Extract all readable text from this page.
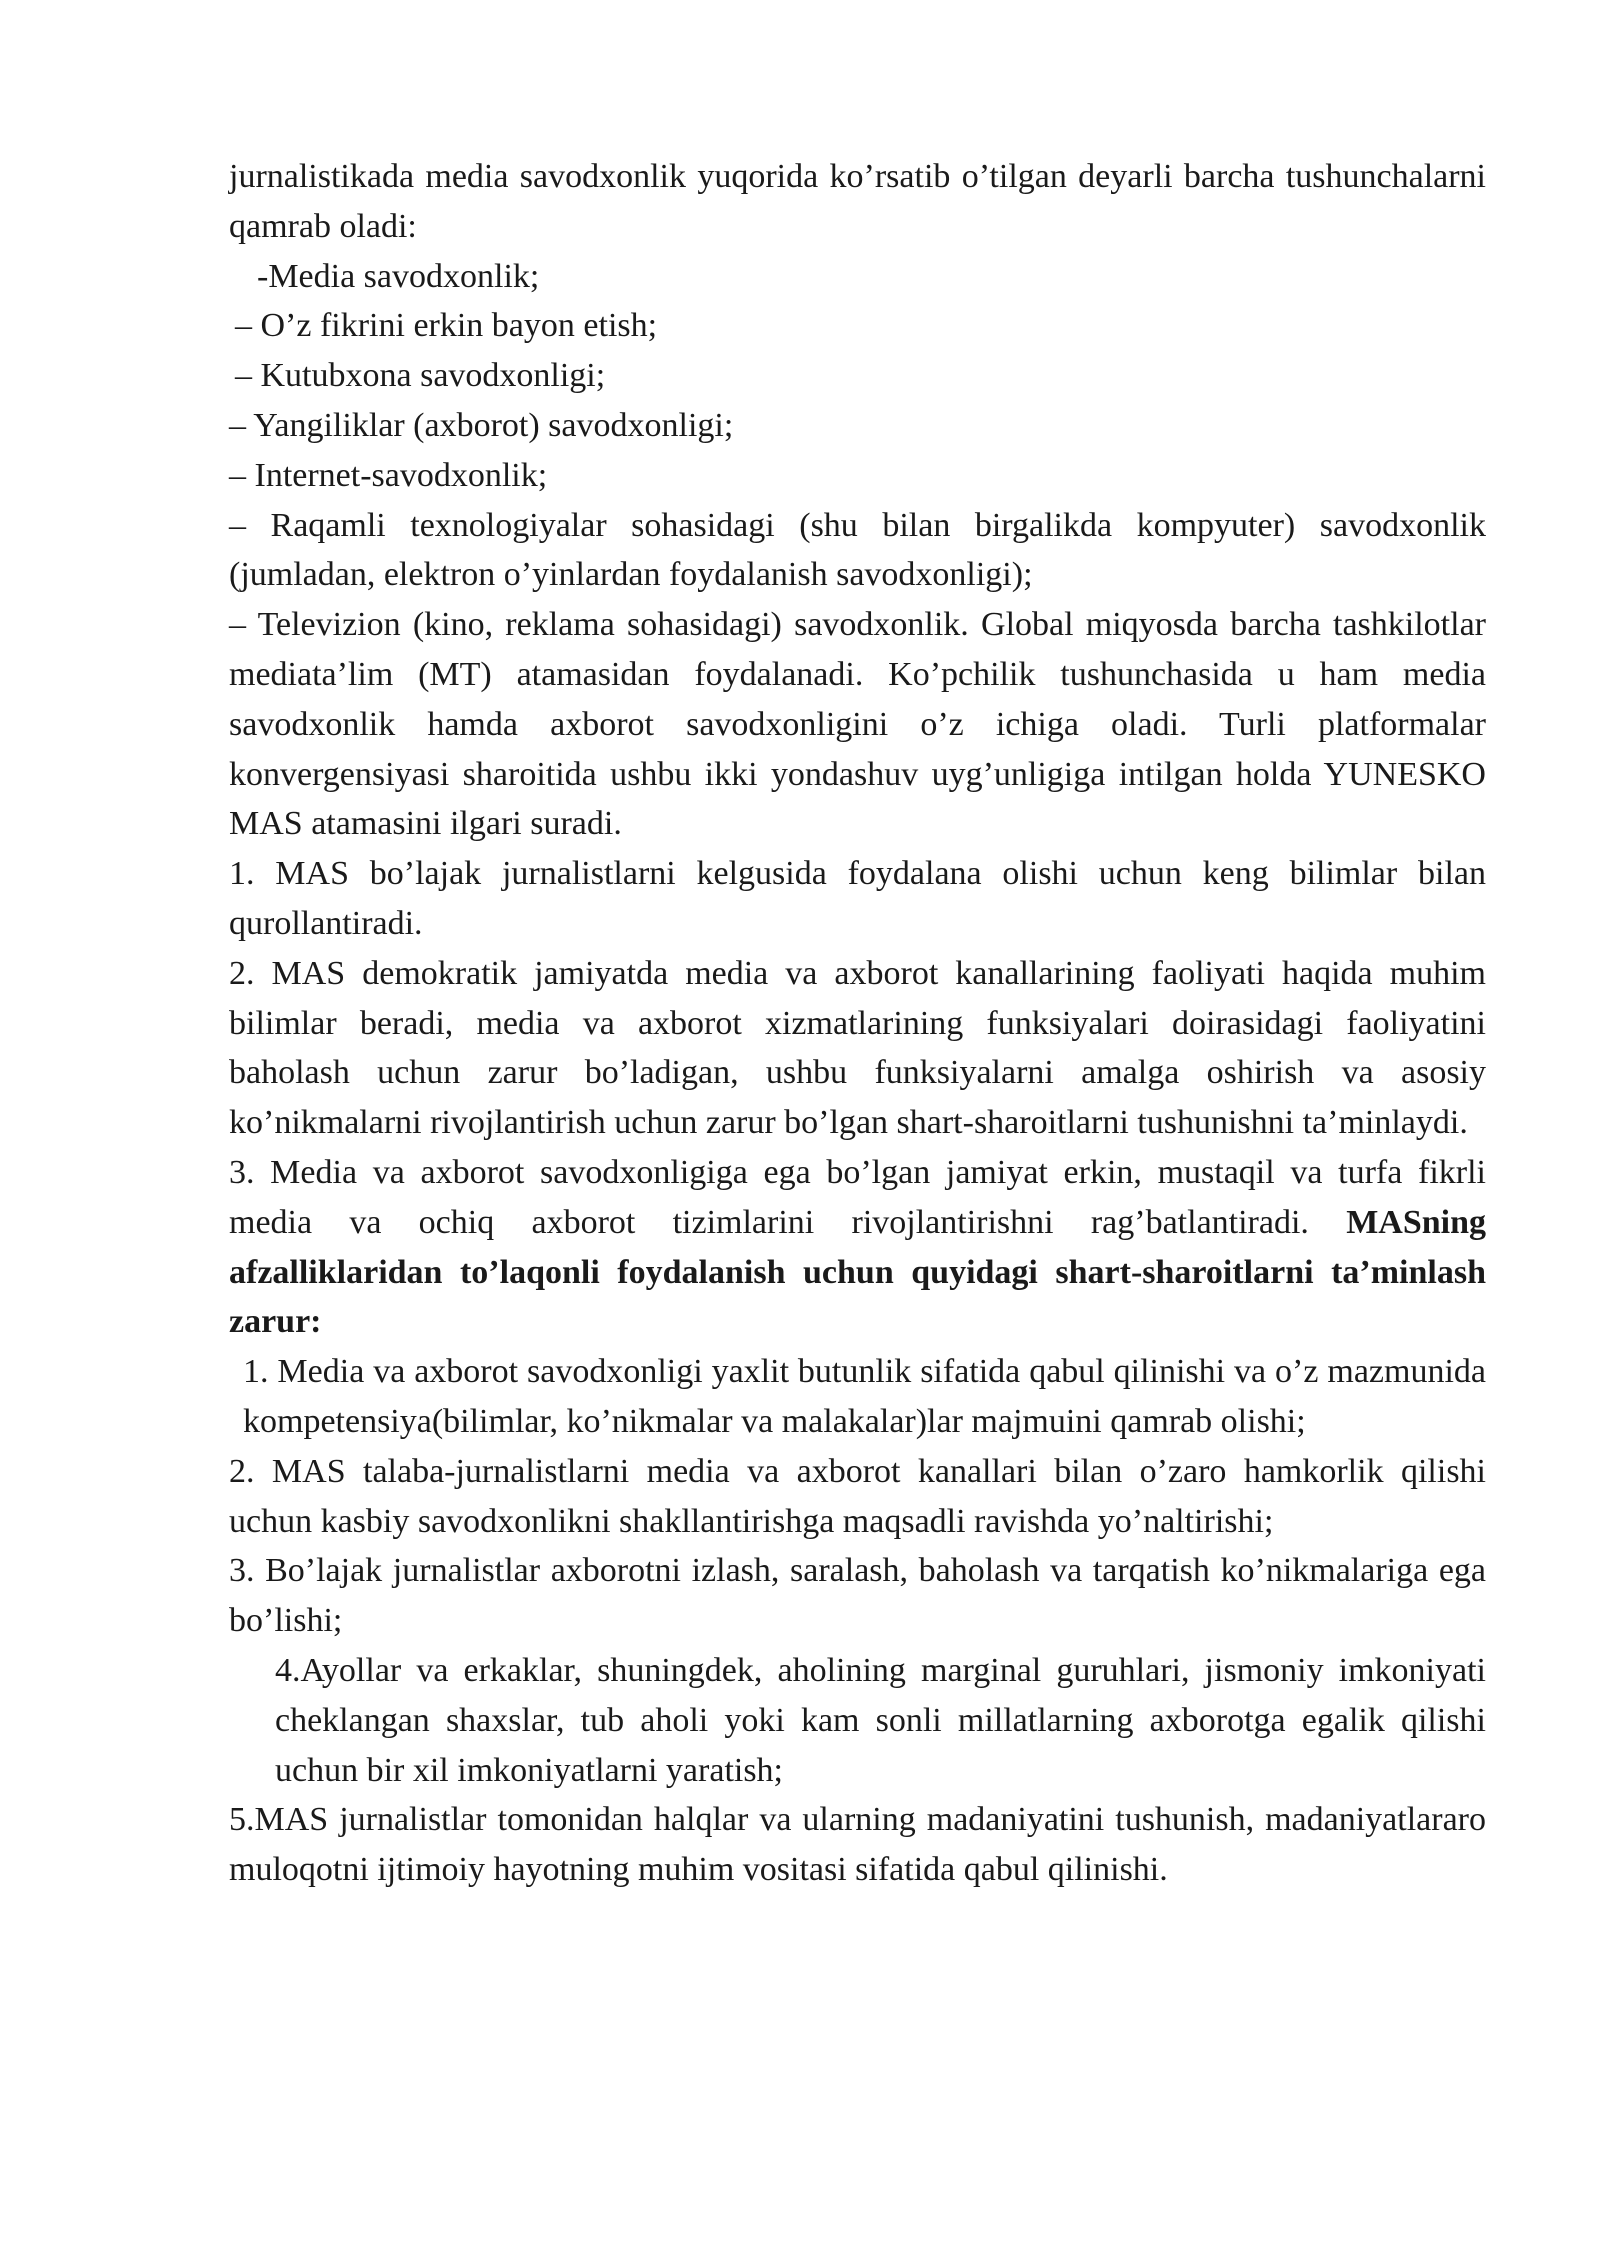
jurnalistikada media savodxonlik yuqorida ko’rsatib o’tilgan deyarli barcha tushunchalarni qamrab oladi:

-Media savodxonlik;

– O’z fikrini erkin bayon etish;

– Kutubxona savodxonligi;

– Yangiliklar (axborot) savodxonligi;

– Internet-savodxonlik;

– Raqamli texnologiyalar sohasidagi (shu bilan birgalikda kompyuter) savodxonlik (jumladan, elektron o’yinlardan foydalanish savodxonligi);

– Televizion (kino, reklama sohasidagi) savodxonlik. Global miqyosda barcha tashkilotlar mediata’lim (MT) atamasidan foydalanadi. Ko’pchilik tushunchasida u ham media savodxonlik hamda axborot savodxonligini o’z ichiga oladi. Turli platformalar konvergensiyasi sharoitida ushbu ikki yondashuv uyg’unligiga intilgan holda YUNESKO MAS atamasini ilgari suradi.

1. MAS bo’lajak jurnalistlarni kelgusida foydalana olishi uchun keng bilimlar bilan qurollantiradi.

2. MAS demokratik jamiyatda media va axborot kanallarining faoliyati haqida muhim bilimlar beradi, media va axborot xizmatlarining funksiyalari doirasidagi faoliyatini baholash uchun zarur bo’ladigan, ushbu funksiyalarni amalga oshirish va asosiy ko’nikmalarni rivojlantirish uchun zarur bo’lgan shart-sharoitlarni tushunishni ta’minlaydi.

3. Media va axborot savodxonligiga ega bo’lgan jamiyat erkin, mustaqil va turfa fikrli media va ochiq axborot tizimlarini rivojlantirishni rag’batlantiradi. MASning afzalliklaridan to’laqonli foydalanish uchun quyidagi shart-sharoitlarni ta’minlash zarur:

1. Media va axborot savodxonligi yaxlit butunlik sifatida qabul qilinishi va o’z mazmunida kompetensiya(bilimlar, ko’nikmalar va malakalar)lar majmuini qamrab olishi;

2. MAS talaba-jurnalistlarni media va axborot kanallari bilan o’zaro hamkorlik qilishi uchun kasbiy savodxonlikni shakllantirishga maqsadli ravishda yo’naltirishi;

3. Bo’lajak jurnalistlar axborotni izlash, saralash, baholash va tarqatish ko’nikmalariga ega bo’lishi;

4.Ayollar va erkaklar, shuningdek, aholining marginal guruhlari, jismoniy imkoniyati cheklangan shaxslar, tub aholi yoki kam sonli millatlarning axborotga egalik qilishi uchun bir xil imkoniyatlarni yaratish;

5.MAS jurnalistlar tomonidan halqlar va ularning madaniyatini tushunish, madaniyatlararo muloqotni ijtimoiy hayotning muhim vositasi sifatida qabul qilinishi.
